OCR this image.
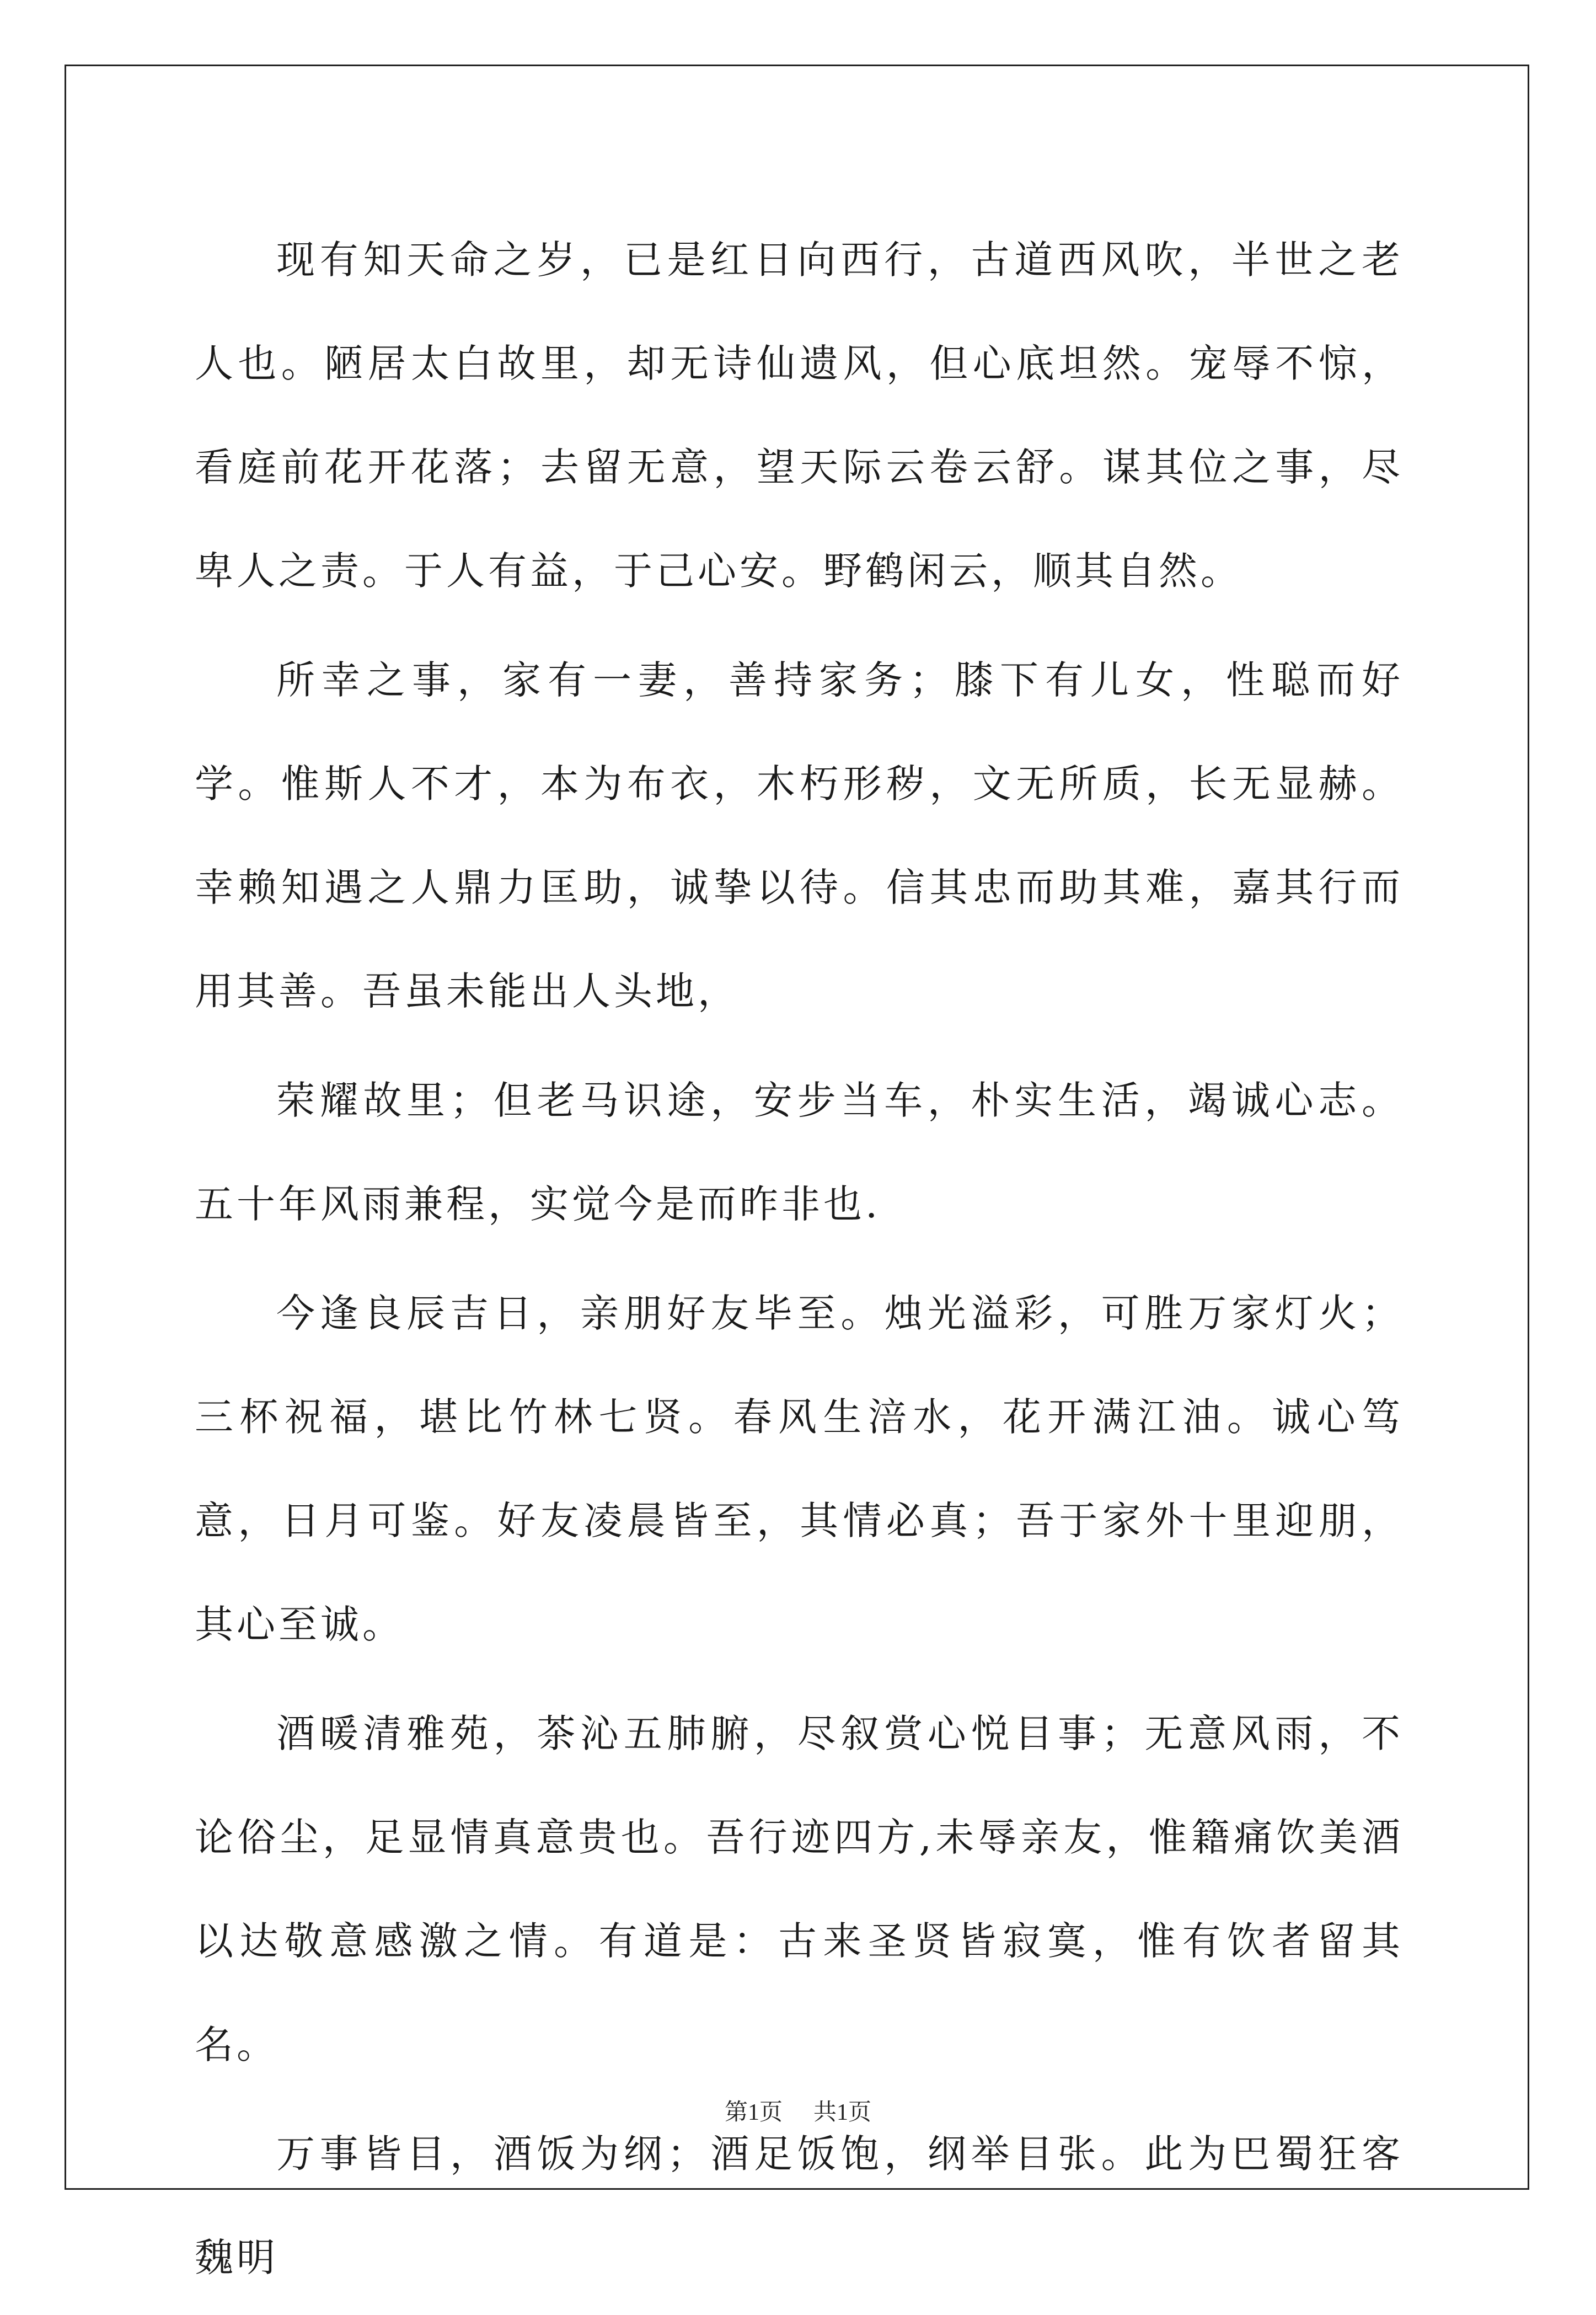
现有知天命之岁，已是红日向西行，古道西风吹，半世之老人也。陋居太白故里，却无诗仙遗风，但心底坦然。宠辱不惊，看庭前花开花落；去留无意，望天际云卷云舒。谋其位之事，尽卑人之责。于人有益，于己心安。野鹤闲云，顺其自然。

所幸之事，家有一妻，善持家务；膝下有儿女，性聪而好学。惟斯人不才，本为布衣，木朽形秽，文无所质，长无显赫。幸赖知遇之人鼎力匡助，诚挚以待。信其忠而助其难，嘉其行而用其善。吾虽未能出人头地，

荣耀故里；但老马识途，安步当车，朴实生活，竭诚心志。五十年风雨兼程，实觉今是而昨非也.

今逢良辰吉日，亲朋好友毕至。烛光溢彩，可胜万家灯火；三杯祝福，堪比竹林七贤。春风生涪水，花开满江油。诚心笃意，日月可鉴。好友凌晨皆至，其情必真；吾于家外十里迎朋，其心至诚。

酒暖清雅苑，茶沁五肺腑，尽叙赏心悦目事；无意风雨，不论俗尘，足显情真意贵也。吾行迹四方,未辱亲友，惟籍痛饮美酒以达敬意感激之情。有道是：古来圣贤皆寂寞，惟有饮者留其名。

万事皆目，酒饭为纲；酒足饭饱，纲举目张。此为巴蜀狂客魏明

第1页 共1页
